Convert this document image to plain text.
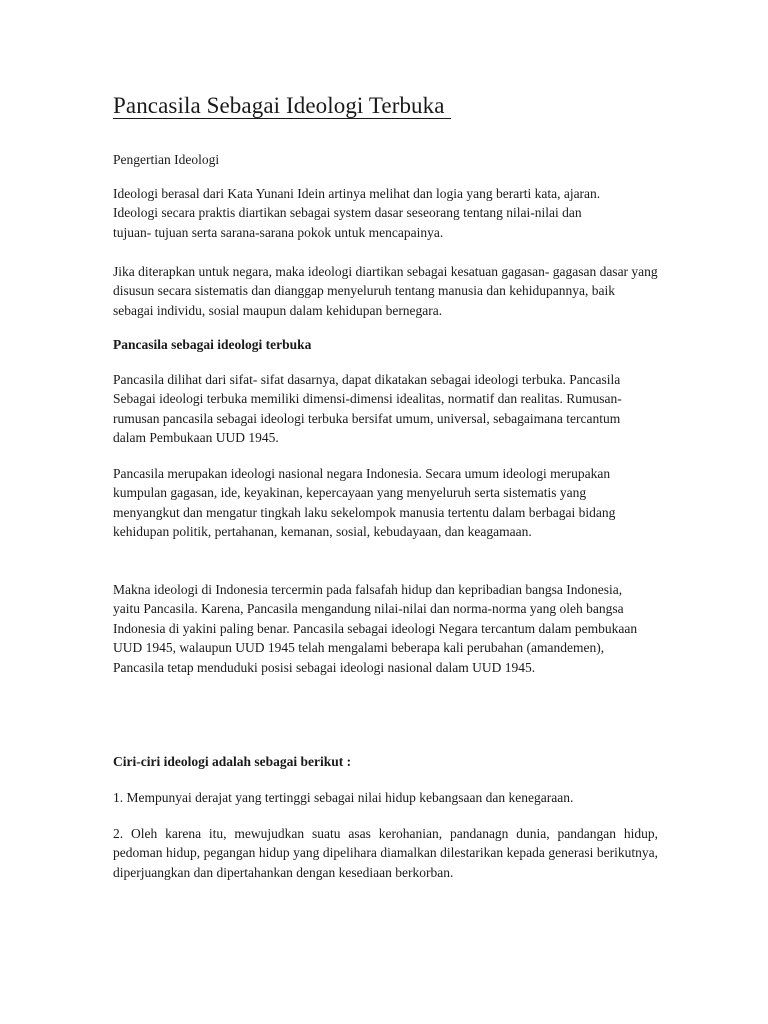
Pancasila Sebagai Ideologi Terbuka
Pengertian Ideologi

Ideologi berasal dari Kata Yunani Idein artinya melihat dan logia yang berarti kata, ajaran. Ideologi secara praktis diartikan sebagai system dasar seseorang tentang nilai-nilai dan tujuan- tujuan serta sarana-sarana pokok untuk mencapainya.

Jika diterapkan untuk negara, maka ideologi diartikan sebagai kesatuan gagasan- gagasan dasar yang disusun secara sistematis dan dianggap menyeluruh tentang manusia dan kehidupannya, baik sebagai individu, sosial maupun dalam kehidupan bernegara.

Pancasila sebagai ideologi terbuka

Pancasila dilihat dari sifat- sifat dasarnya, dapat dikatakan sebagai ideologi terbuka. Pancasila Sebagai ideologi terbuka memiliki dimensi-dimensi idealitas, normatif dan realitas. Rumusan- rumusan pancasila sebagai ideologi terbuka bersifat umum, universal, sebagaimana tercantum dalam Pembukaan UUD 1945.

Pancasila merupakan ideologi nasional negara Indonesia. Secara umum ideologi merupakan kumpulan gagasan, ide, keyakinan, kepercayaan yang menyeluruh serta sistematis yang menyangkut dan mengatur tingkah laku sekelompok manusia tertentu dalam berbagai bidang kehidupan politik, pertahanan, kemanan, sosial, kebudayaan, dan keagamaan.

Makna ideologi di Indonesia tercermin pada falsafah hidup dan kepribadian bangsa Indonesia, yaitu Pancasila. Karena, Pancasila mengandung nilai-nilai dan norma-norma yang oleh bangsa Indonesia di yakini paling benar. Pancasila sebagai ideologi Negara tercantum dalam pembukaan UUD 1945, walaupun UUD 1945 telah mengalami beberapa kali perubahan (amandemen), Pancasila tetap menduduki posisi sebagai ideologi nasional dalam UUD 1945.

Ciri-ciri ideologi adalah sebagai berikut :

1. Mempunyai derajat yang tertinggi sebagai nilai hidup kebangsaan dan kenegaraan.

2. Oleh karena itu, mewujudkan suatu asas kerohanian, pandanagn dunia, pandangan hidup, pedoman hidup, pegangan hidup yang dipelihara diamalkan dilestarikan kepada generasi berikutnya, diperjuangkan dan dipertahankan dengan kesediaan berkorban.
